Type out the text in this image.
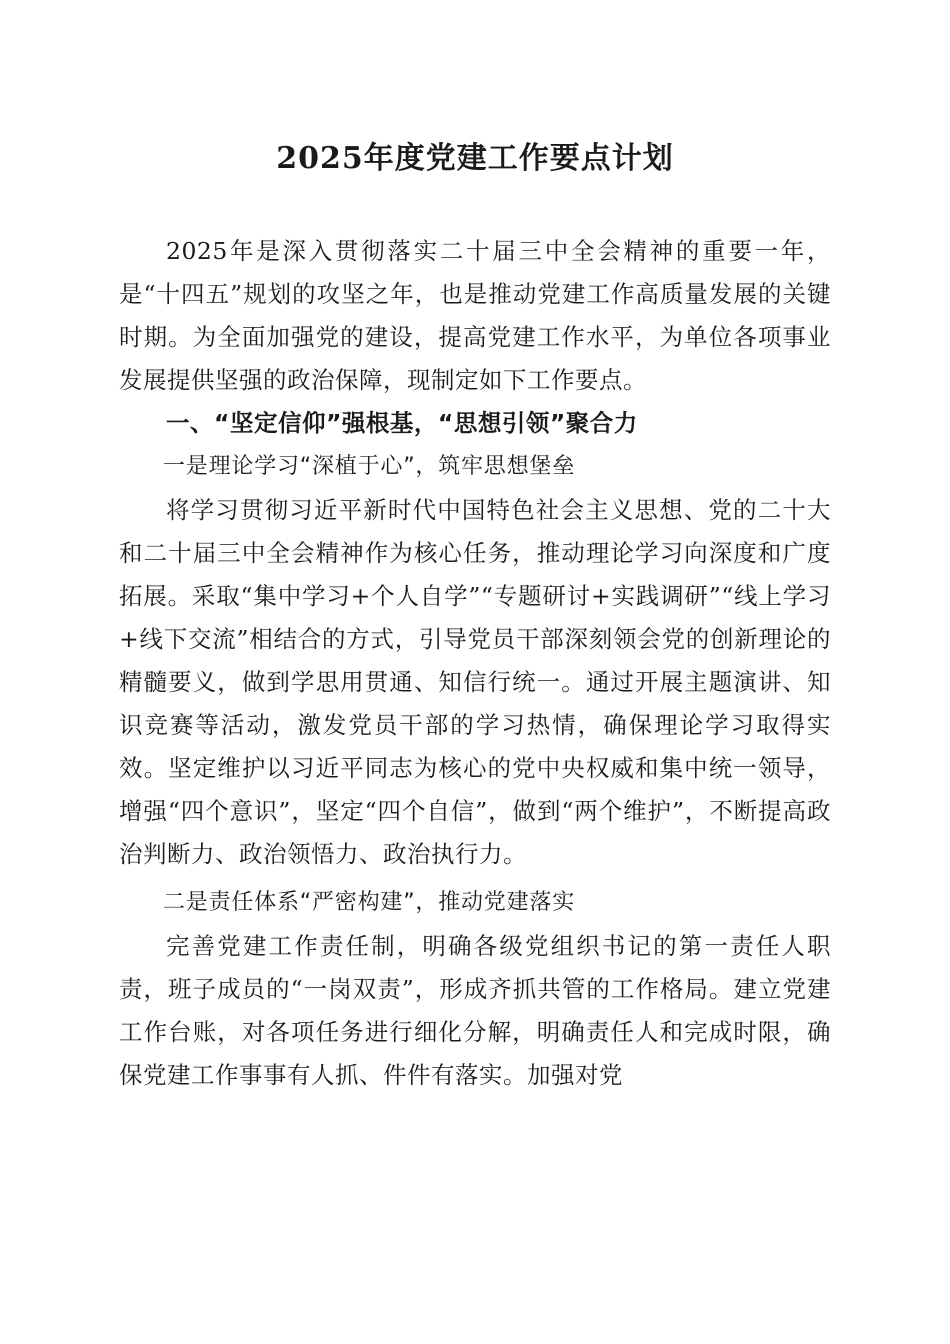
2025年度党建工作要点计划

2025年是深入贯彻落实二十届三中全会精神的重要一年，是“十四五”规划的攻坚之年，也是推动党建工作高质量发展的关键时期。为全面加强党的建设，提高党建工作水平，为单位各项事业发展提供坚强的政治保障，现制定如下工作要点。

一、“坚定信仰”强根基，“思想引领”聚合力

一是理论学习“深植于心”，筑牢思想堡垒

将学习贯彻习近平新时代中国特色社会主义思想、党的二十大和二十届三中全会精神作为核心任务，推动理论学习向深度和广度拓展。采取“集中学习+个人自学”“专题研讨+实践调研”“线上学习+线下交流”相结合的方式，引导党员干部深刻领会党的创新理论的精髓要义，做到学思用贯通、知信行统一。通过开展主题演讲、知识竞赛等活动，激发党员干部的学习热情，确保理论学习取得实效。坚定维护以习近平同志为核心的党中央权威和集中统一领导，增强“四个意识”，坚定“四个自信”，做到“两个维护”，不断提高政治判断力、政治领悟力、政治执行力。

二是责任体系“严密构建”，推动党建落实

完善党建工作责任制，明确各级党组织书记的第一责任人职责，班子成员的“一岗双责”，形成齐抓共管的工作格局。建立党建工作台账，对各项任务进行细化分解，明确责任人和完成时限，确保党建工作事事有人抓、件件有落实。加强对党
